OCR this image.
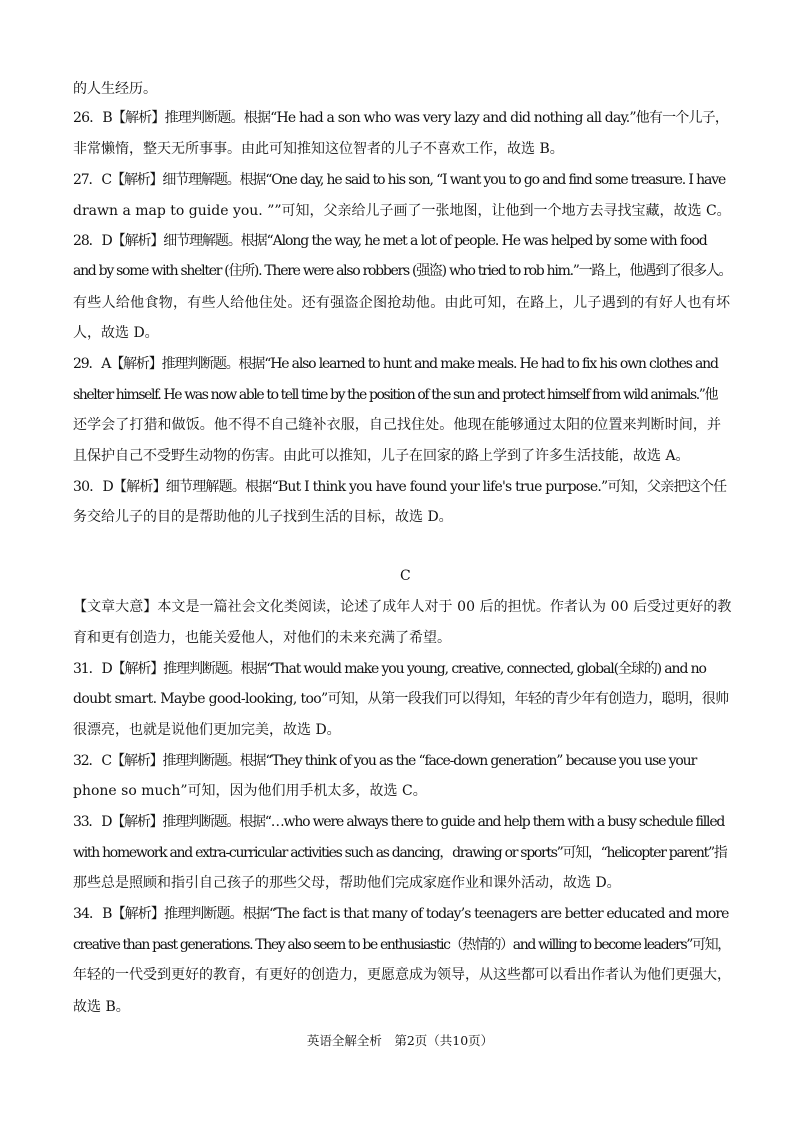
的人生经历。
26．B【解析】推理判断题。根据“He had a son who was very lazy and did nothing all day.”他有一个儿子，
非常懒惰，整天无所事事。由此可知推知这位智者的儿子不喜欢工作，故选 B。
27．C【解析】细节理解题。根据“One day, he said to his son, “I want you to go and find some treasure. I have
drawn a map to guide you. ””可知，父亲给儿子画了一张地图，让他到一个地方去寻找宝藏，故选 C。
28．D【解析】细节理解题。根据“Along the way, he met a lot of people. He was helped by some with food
and by some with shelter (住所). There were also robbers (强盗) who tried to rob him.”一路上，他遇到了很多人。
有些人给他食物，有些人给他住处。还有强盗企图抢劫他。由此可知，在路上，儿子遇到的有好人也有坏
人，故选 D。
29．A【解析】推理判断题。根据“He also learned to hunt and make meals. He had to fix his own clothes and
shelter himself. He was now able to tell time by the position of the sun and protect himself from wild animals.”他
还学会了打猎和做饭。他不得不自己缝补衣服，自己找住处。他现在能够通过太阳的位置来判断时间，并
且保护自己不受野生动物的伤害。由此可以推知，儿子在回家的路上学到了许多生活技能，故选 A。
30．D【解析】细节理解题。根据“But I think you have found your life's true purpose.”可知，父亲把这个任
务交给儿子的目的是帮助他的儿子找到生活的目标，故选 D。
【文章大意】本文是一篇社会文化类阅读，论述了成年人对于 00 后的担忧。作者认为 00 后受过更好的教
育和更有创造力，也能关爱他人，对他们的未来充满了希望。
31．D【解析】推理判断题。根据“That would make you young, creative, connected, global(全球的) and no
doubt smart. Maybe good-looking, too”可知，从第一段我们可以得知，年轻的青少年有创造力，聪明，很帅
很漂亮，也就是说他们更加完美，故选 D。
32．C【解析】推理判断题。根据“They think of you as the “face-down generation” because you use your
phone so much”可知，因为他们用手机太多，故选 C。
33．D【解析】推理判断题。根据“…who were always there to guide and help them with a busy schedule filled
with homework and extra-curricular activities such as dancing，drawing or sports”可知，“helicopter parent”指
那些总是照顾和指引自己孩子的那些父母，帮助他们完成家庭作业和课外活动，故选 D。
34．B【解析】推理判断题。根据“The fact is that many of today’s teenagers are better educated and more
creative than past generations. They also seem to be enthusiastic（热情的）and willing to become leaders”可知，
年轻的一代受到更好的教育，有更好的创造力，更愿意成为领导，从这些都可以看出作者认为他们更强大，
故选 B。
英语全解全析　第2页（共10页）
